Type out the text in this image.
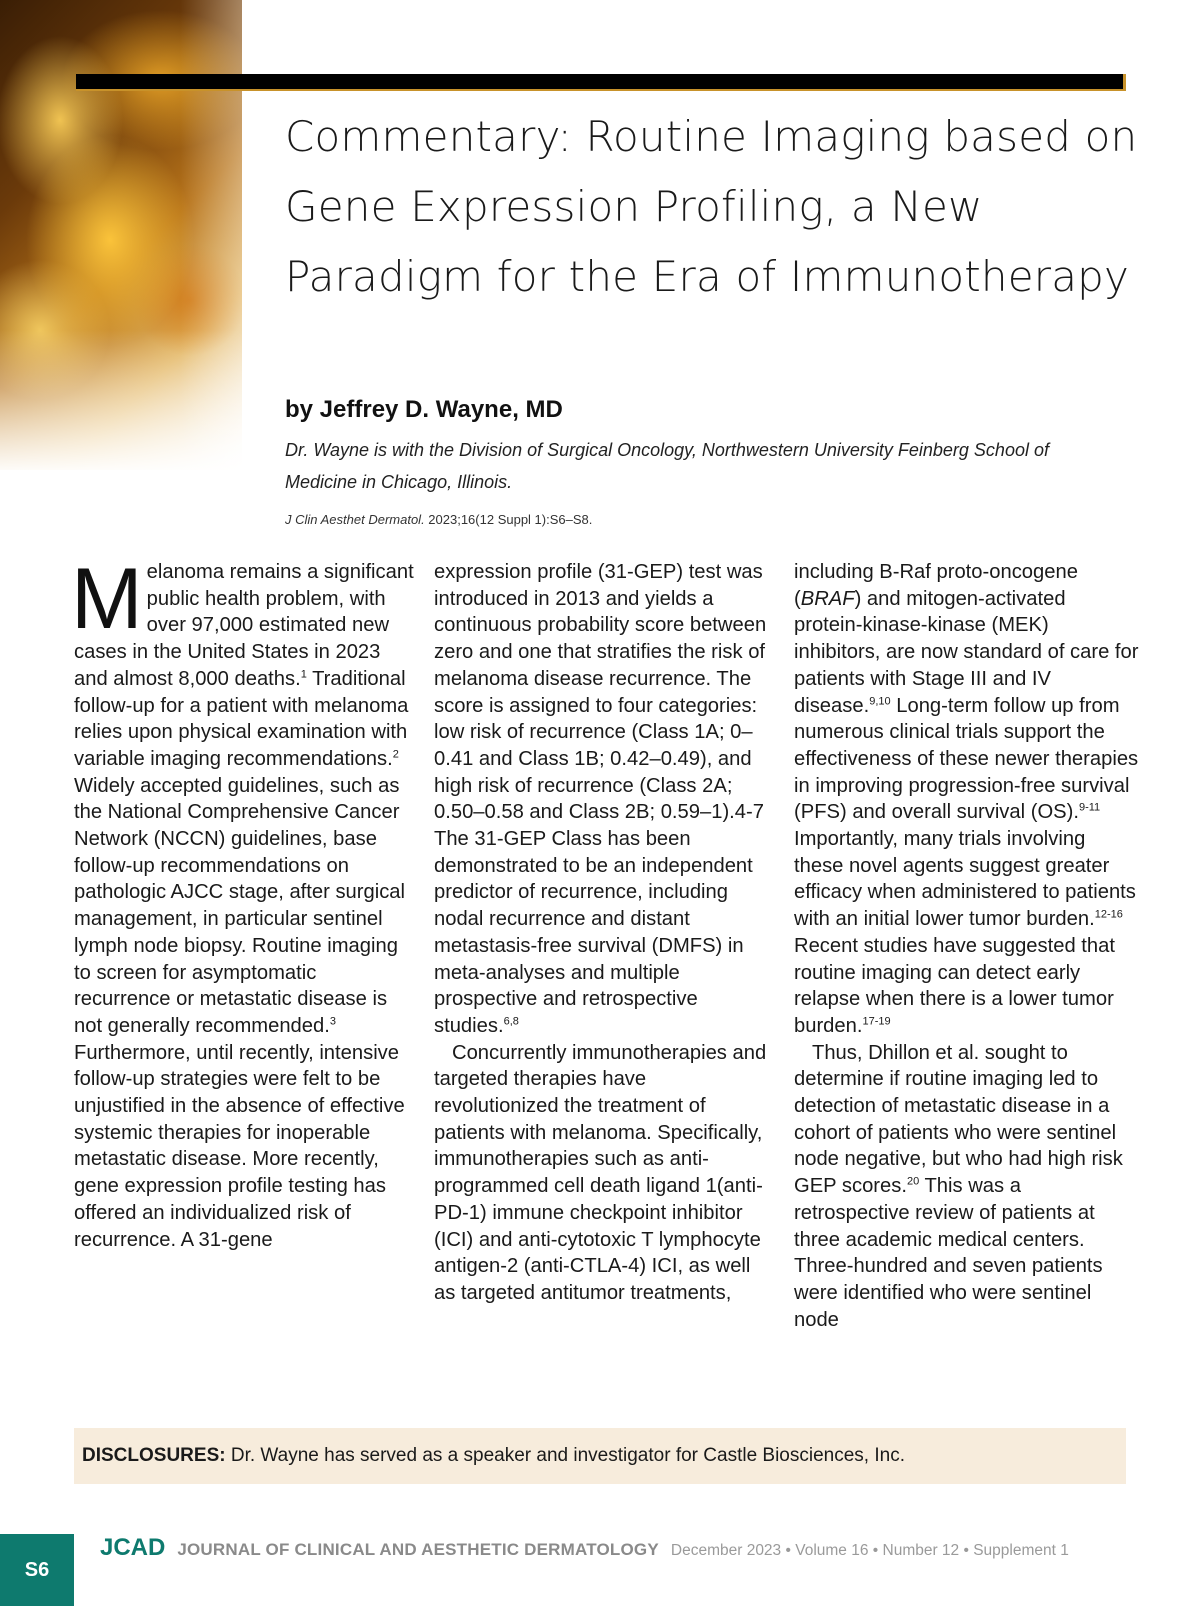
Commentary: Routine Imaging based on Gene Expression Profiling, a New Paradigm for the Era of Immunotherapy
by Jeffrey D. Wayne, MD
Dr. Wayne is with the Division of Surgical Oncology, Northwestern University Feinberg School of Medicine in Chicago, Illinois.
J Clin Aesthet Dermatol. 2023;16(12 Suppl 1):S6–S8.

Melanoma remains a significant public health problem, with over 97,000 estimated new cases in the United States in 2023 and almost 8,000 deaths.$^1$ Traditional follow-up for a patient with melanoma relies upon physical examination with variable imaging recommendations.$^2$ Widely accepted guidelines, such as the National Comprehensive Cancer Network (NCCN) guidelines, base follow-up recommendations on pathologic AJCC stage, after surgical management, in particular sentinel lymph node biopsy. Routine imaging to screen for asymptomatic recurrence or metastatic disease is not generally recommended.$^3$ Furthermore, until recently, intensive follow-up strategies were felt to be unjustified in the absence of effective systemic therapies for inoperable metastatic disease. More recently, gene expression profile testing has offered an individualized risk of recurrence. A 31-gene

expression profile (31-GEP) test was introduced in 2013 and yields a continuous probability score between zero and one that stratifies the risk of melanoma disease recurrence. The score is assigned to four categories: low risk of recurrence (Class 1A; 0–0.41 and Class 1B; 0.42–0.49), and high risk of recurrence (Class 2A; 0.50–0.58 and Class 2B; 0.59–1).4-7 The 31-GEP Class has been demonstrated to be an independent predictor of recurrence, including nodal recurrence and distant metastasis-free survival (DMFS) in meta-analyses and multiple prospective and retrospective studies.$^{6,8}$

Concurrently immunotherapies and targeted therapies have revolutionized the treatment of patients with melanoma. Specifically, immunotherapies such as anti-programmed cell death ligand 1(anti-PD-1) immune checkpoint inhibitor (ICI) and anti-cytotoxic T lymphocyte antigen-2 (anti-CTLA-4) ICI, as well as targeted antitumor treatments,

including B-Raf proto-oncogene (BRAF) and mitogen-activated protein-kinase-kinase (MEK) inhibitors, are now standard of care for patients with Stage III and IV disease.$^{9,10}$ Long-term follow up from numerous clinical trials support the effectiveness of these newer therapies in improving progression-free survival (PFS) and overall survival (OS).$^{9-11}$ Importantly, many trials involving these novel agents suggest greater efficacy when administered to patients with an initial lower tumor burden.$^{12-16}$ Recent studies have suggested that routine imaging can detect early relapse when there is a lower tumor burden.$^{17-19}$

Thus, Dhillon et al. sought to determine if routine imaging led to detection of metastatic disease in a cohort of patients who were sentinel node negative, but who had high risk GEP scores.$^{20}$ This was a retrospective review of patients at three academic medical centers. Three-hundred and seven patients were identified who were sentinel node

DISCLOSURES: Dr. Wayne has served as a speaker and investigator for Castle Biosciences, Inc.
S6
JCAD JOURNAL OF CLINICAL AND AESTHETIC DERMATOLOGY December 2023 • Volume 16 • Number 12 • Supplement 1
